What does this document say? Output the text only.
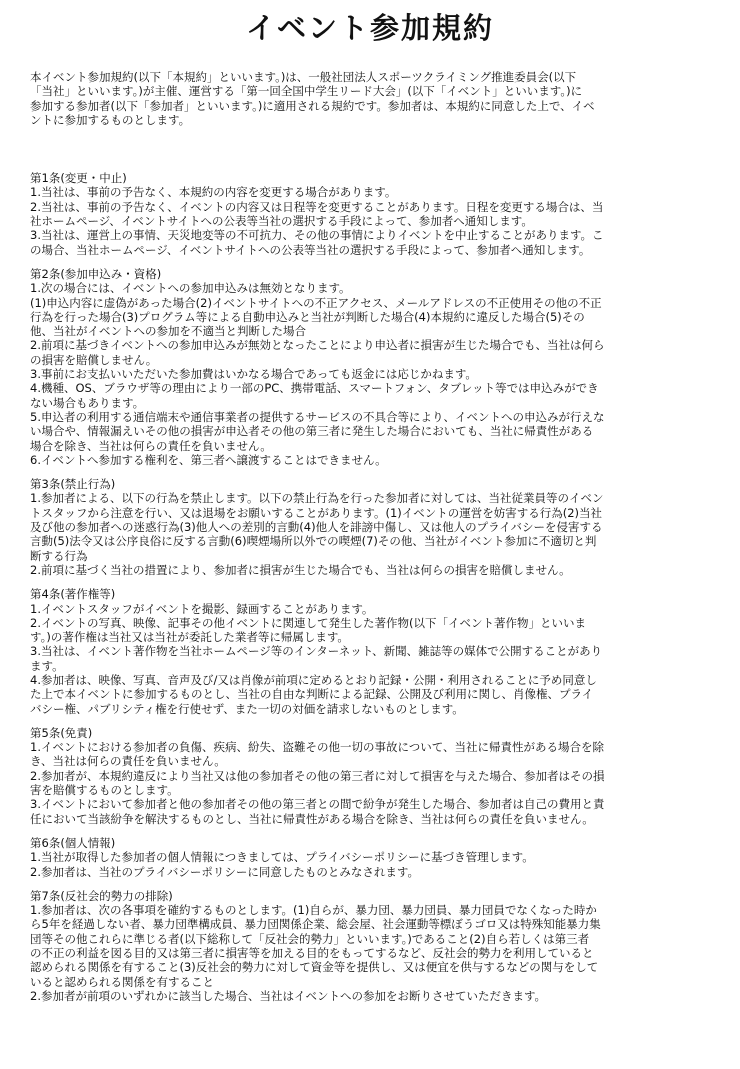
イベント参加規約
本イベント参加規約(以下「本規約」といいます。)は、一般社団法人スポーツクライミング推進委員会(以下
「当社」といいます。)が主催、運営する「第一回全国中学生リード大会」(以下「イベント」といいます。)に
参加する参加者(以下「参加者」といいます。)に適用される規約です。参加者は、本規約に同意した上で、イベ
ントに参加するものとします。
第1条(変更・中止)
1.当社は、事前の予告なく、本規約の内容を変更する場合があります。
2.当社は、事前の予告なく、イベントの内容又は日程等を変更することがあります。日程を変更する場合は、当
社ホームページ、イベントサイトへの公表等当社の選択する手段によって、参加者へ通知します。
3.当社は、運営上の事情、天災地変等の不可抗力、その他の事情によりイベントを中止することがあります。こ
の場合、当社ホームページ、イベントサイトへの公表等当社の選択する手段によって、参加者へ通知します。
第2条(参加申込み・資格)
1.次の場合には、イベントへの参加申込みは無効となります。
(1)申込内容に虚偽があった場合(2)イベントサイトへの不正アクセス、メールアドレスの不正使用その他の不正
行為を行った場合(3)プログラム等による自動申込みと当社が判断した場合(4)本規約に違反した場合(5)その
他、当社がイベントへの参加を不適当と判断した場合
2.前項に基づきイベントへの参加申込みが無効となったことにより申込者に損害が生じた場合でも、当社は何ら
の損害を賠償しません。
3.事前にお支払いいただいた参加費はいかなる場合であっても返金には応じかねます。
4.機種、OS、ブラウザ等の理由により一部のPC、携帯電話、スマートフォン、タブレット等では申込みができ
ない場合もあります。
5.申込者の利用する通信端末や通信事業者の提供するサービスの不具合等により、イベントへの申込みが行えな
い場合や、情報漏えいその他の損害が申込者その他の第三者に発生した場合においても、当社に帰責性がある
場合を除き、当社は何らの責任を負いません。
6.イベントへ参加する権利を、第三者へ譲渡することはできません。
第3条(禁止行為)
1.参加者による、以下の行為を禁止します。以下の禁止行為を行った参加者に対しては、当社従業員等のイベン
トスタッフから注意を行い、又は退場をお願いすることがあります。(1)イベントの運営を妨害する行為(2)当社
及び他の参加者への迷惑行為(3)他人への差別的言動(4)他人を誹謗中傷し、又は他人のプライバシーを侵害する
言動(5)法令又は公序良俗に反する言動(6)喫煙場所以外での喫煙(7)その他、当社がイベント参加に不適切と判
断する行為
2.前項に基づく当社の措置により、参加者に損害が生じた場合でも、当社は何らの損害を賠償しません。
第4条(著作権等)
1.イベントスタッフがイベントを撮影、録画することがあります。
2.イベントの写真、映像、記事その他イベントに関連して発生した著作物(以下「イベント著作物」といいま
す。)の著作権は当社又は当社が委託した業者等に帰属します。
3.当社は、イベント著作物を当社ホームページ等のインターネット、新聞、雑誌等の媒体で公開することがあり
ます。
4.参加者は、映像、写真、音声及び/又は肖像が前項に定めるとおり記録・公開・利用されることに予め同意し
た上で本イベントに参加するものとし、当社の自由な判断による記録、公開及び利用に関し、肖像権、プライ
バシー権、パブリシティ権を行使せず、また一切の対価を請求しないものとします。
第5条(免責)
1.イベントにおける参加者の負傷、疾病、紛失、盗難その他一切の事故について、当社に帰責性がある場合を除
き、当社は何らの責任を負いません。
2.参加者が、本規約違反により当社又は他の参加者その他の第三者に対して損害を与えた場合、参加者はその損
害を賠償するものとします。
3.イベントにおいて参加者と他の参加者その他の第三者との間で紛争が発生した場合、参加者は自己の費用と責
任において当該紛争を解決するものとし、当社に帰責性がある場合を除き、当社は何らの責任を負いません。
第6条(個人情報)
1.当社が取得した参加者の個人情報につきましては、プライバシーポリシーに基づき管理します。
2.参加者は、当社のプライバシーポリシーに同意したものとみなされます。
第7条(反社会的勢力の排除)
1.参加者は、次の各事項を確約するものとします。(1)自らが、暴力団、暴力団員、暴力団員でなくなった時か
ら5年を経過しない者、暴力団準構成員、暴力団関係企業、総会屋、社会運動等標ぼうゴロ又は特殊知能暴力集
団等その他これらに準じる者(以下総称して「反社会的勢力」といいます。)であること(2)自ら若しくは第三者
の不正の利益を図る目的又は第三者に損害等を加える目的をもってするなど、反社会的勢力を利用していると
認められる関係を有すること(3)反社会的勢力に対して資金等を提供し、又は便宜を供与するなどの関与をして
いると認められる関係を有すること
2.参加者が前項のいずれかに該当した場合、当社はイベントへの参加をお断りさせていただきます。
